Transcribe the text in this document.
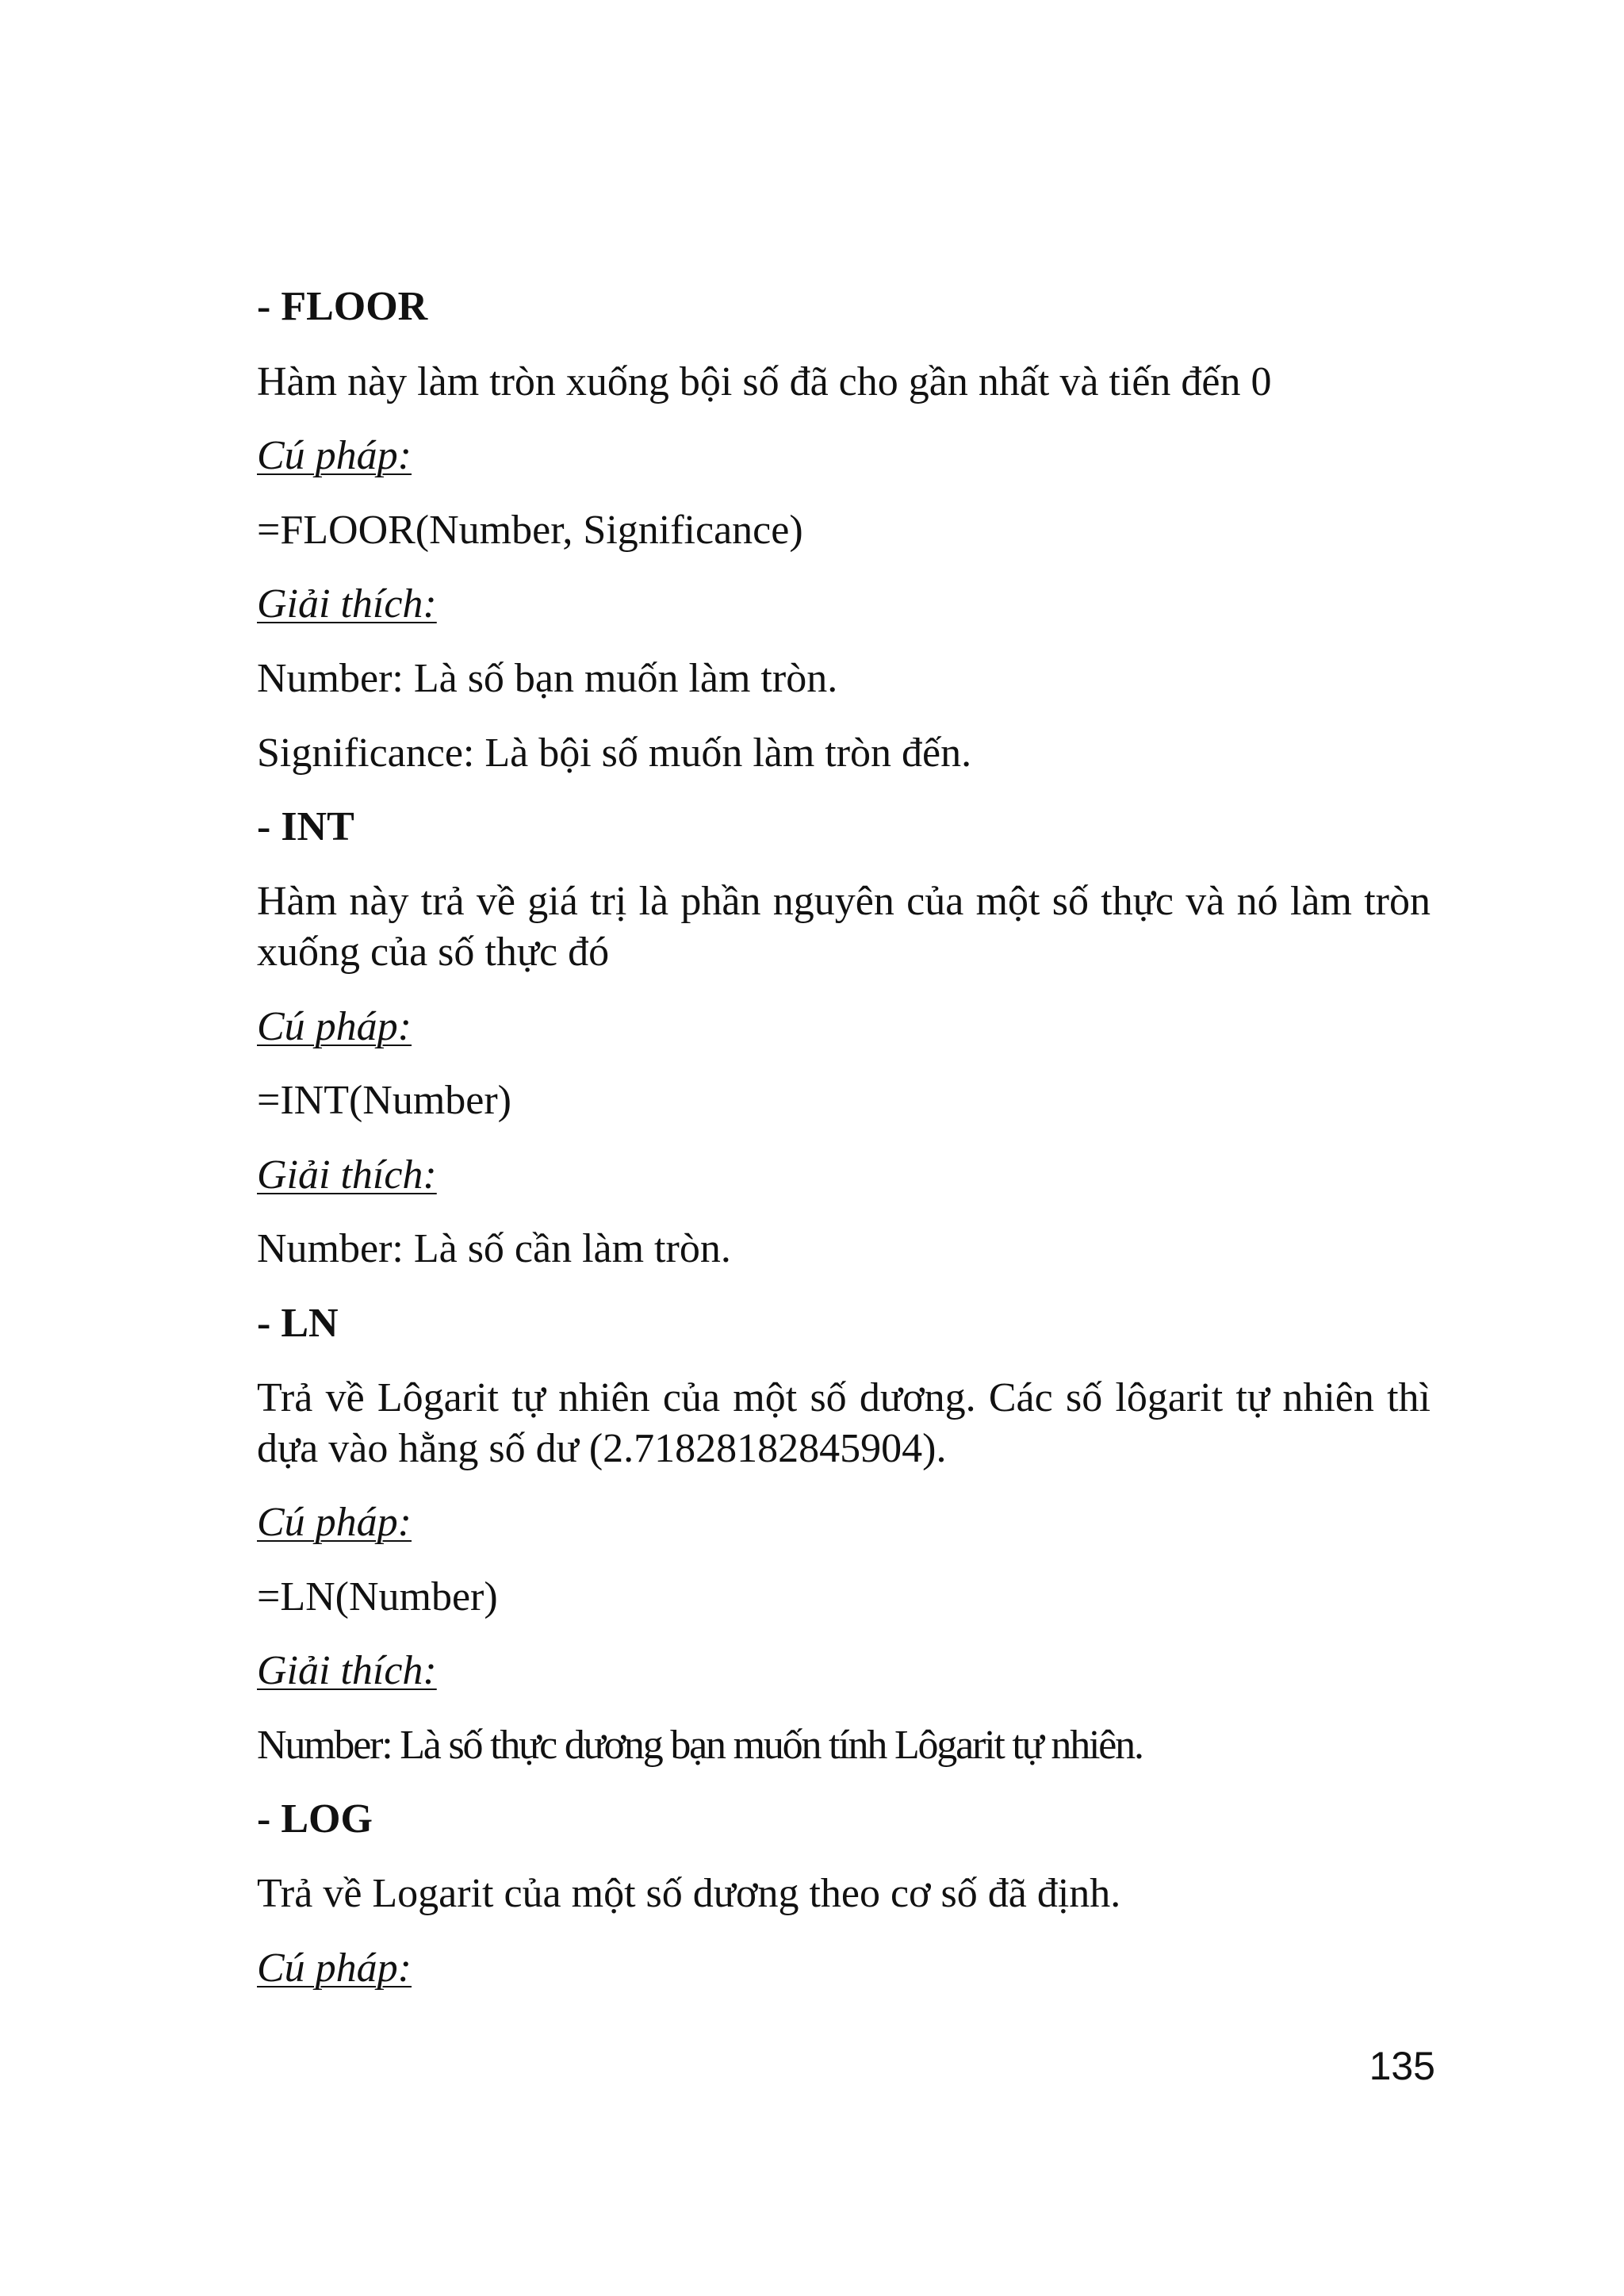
- FLOOR

Hàm này làm tròn xuống bội số đã cho gần nhất và tiến đến 0

Cú pháp:

=FLOOR(Number, Significance)

Giải thích:

Number: Là số bạn muốn làm tròn.

Significance: Là bội số muốn làm tròn đến.

- INT

Hàm này trả về giá trị là phần nguyên của một số thực và nó làm tròn xuống của số thực đó

Cú pháp:

=INT(Number)

Giải thích:

Number: Là số cần làm tròn.

- LN

Trả về Lôgarit tự nhiên của một số dương. Các số lôgarit tự nhiên thì dựa vào hằng số dư (2.71828182845904).

Cú pháp:

=LN(Number)

Giải thích:

Number: Là số thực dương bạn muốn tính Lôgarit tự nhiên.

- LOG

Trả về Logarit của một số dương theo cơ số đã định.

Cú pháp:

135
